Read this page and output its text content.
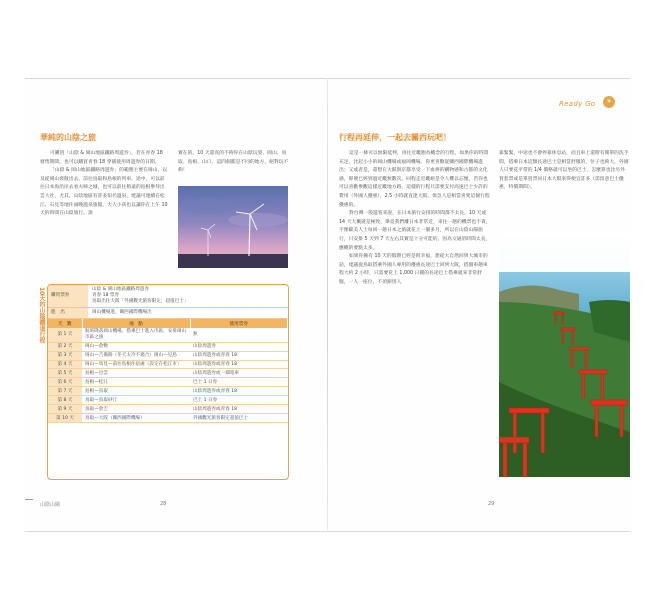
Ready Go	✶
華純的山陰之旅

可購買「山陰 & 岡山地區鐵路周遊券」，若在青春 18 發售期間，也可以購買青春 18 穿插使用周遊券的日期。

「山陰 & 岡山地區鐵路周遊券」的範圍主要在岡山，以及從岡山發散出去，前往鳥取和島根的列車，途中，可以前往日本海沿岸去看夫婦之城，也可以前往稍遠的島根參拜出雲大社，尤其，山陰地區有許多知名溫泉，建議可連續在松江、石見等地住兩晚溫泉旅館，大人小孩也以讓你在上午 10 天的時間在山陰旅行。說

實在的，10 天還真的不夠你在山陰玩耍，岡山、鳥取、島根、山口，這四個都是不同的地方，絕對玩不夠！

10天的山陰鐵道行程	購買票券
山陰 & 岡山地區鐵路周遊券
青春 18 票券
鳥取出往大阪「外國觀光旅客限定，超值巴士」
進　出	岡山機場進，關西國際機場出
天　數	地　點	使用票券
第 1 天	航班降落岡山機場，搭乘巴士進入市區，安排岡山市區之旅	無
第 2 天	岡山—倉敷	山陰周遊券
第 3 天	岡山—吉備路（冬天太冷不適合）岡山—兒島	山陰周遊券或青春 18
第 4 天	岡山—馬見—前往島根住宿處（設定在松江市）	山陰周遊券或青春 18
第 5 天	島根—出雲	山陰周遊券或一畑電車
第 6 天	島根—松江	巴士 1 日券
第 7 天	島根—鳥取	山陰周遊券或青春 18
第 8 天	鳥取—鳥取砂丘	巴士 1 日券
第 9 天	鳥取—倉吉	山陰周遊券或青春 18
第 10 天	鳥取—大阪（關西國際機場）	外國觀光旅客限定超值巴士
山陰山陽	28
行程再延伸，一起去關西玩吧！

這是一條可以無限延伸，再往近畿跑為概念的行程，如果你的時間充足，比起小小的岡山機場或福岡機場，你更喜歡從關西國際機場進出；又或者是，還想在大阪與京都享受一下血拼的購物感和古都的文化感，即便已經到過近畿無數次，回程走近畿絕是令人難以忘懷，若你也可以喜歡參觀這樣近畿地方路，這樣的行程只需要支付高速巴士少許的費用（外國人優惠），2.5 小時就直達大阪，俱急人是相當喜愛這個行程優惠的。

對台灣一般遊客來說，在日本旅行安排的時間都不太長，10 天或 14 天大概就是極致，畢竟我們離日本非常近，來往一趟的機票也不貴，不像歐美人士每回一趟日本之旅就花上一個多月，所以在山陰山陽旅行，只安排 5 天到 7 天左右其實是十分可能的，因為交通的時間太長，應概的要點太多。

如果你擁有 10 天的假期已經是很幸福，想從大自然回到大城市的話，建議從鳥取搭乘外國人專用的優惠長途巴士回到大阪，搭個車趟車程大約 2 小時，只需要花上 1,000 日圓的長途巴士搭乘就來非常舒服，一人一座位，不須跟別人

靠緊緊，中途也不會停靠休息站，而且車上還附有簡單的洗手間，搭乘日本這類長途巴士是相當舒服的，位子也夠大，外國人只要花平常的 1/4 價格就可以坐的巴士，怎麼算也比另外買套票或是單買票回日本大阪來得便宜許多（需留意巴士優惠，特價期間）。

29
